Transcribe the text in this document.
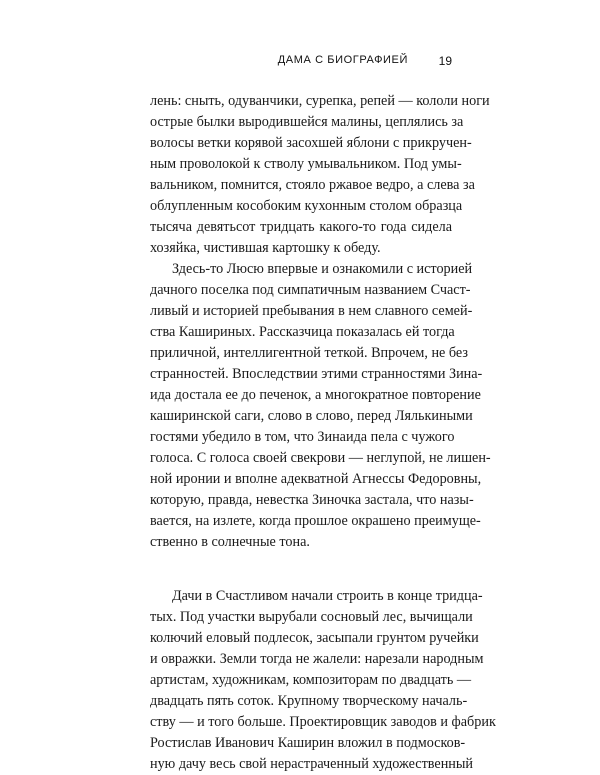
ДАМА С БИОГРАФИЕЙ	19
лень: сныть, одуванчики, сурепка, репей — кололи ноги
острые былки выродившейся малины, цеплялись за
волосы ветки корявой засохшей яблони с прикручен-
ным проволокой к стволу умывальником. Под умы-
вальником, помнится, стояло ржавое ведро, а слева за
облупленным кособоким кухонным столом образца
тысяча девятьсот тридцать какого-то года сидела
хозяйка, чистившая картошку к обеду.
Здесь-то Люсю впервые и ознакомили с историей
дачного поселка под симпатичным названием Счаст-
ливый и историей пребывания в нем славного семей-
ства Кашириных. Рассказчица показалась ей тогда
приличной, интеллигентной теткой. Впрочем, не без
странностей. Впоследствии этими странностями Зина-
ида достала ее до печенок, а многократное повторение
каширинской саги, слово в слово, перед Лялькиными
гостями убедило в том, что Зинаида пела с чужого
голоса. С голоса своей свекрови — неглупой, не лишен-
ной иронии и вполне адекватной Агнессы Федоровны,
которую, правда, невестка Зиночка застала, что назы-
вается, на излете, когда прошлое окрашено преимуще-
ственно в солнечные тона.
Дачи в Счастливом начали строить в конце тридца-
тых. Под участки вырубали сосновый лес, вычищали
колючий еловый подлесок, засыпали грунтом ручейки
и овражки. Земли тогда не жалели: нарезали народным
артистам, художникам, композиторам по двадцать —
двадцать пять соток. Крупному творческому началь-
ству — и того больше. Проектировщик заводов и фабрик
Ростислав Иванович Каширин вложил в подмосков-
ную дачу весь свой нерастраченный художественный
